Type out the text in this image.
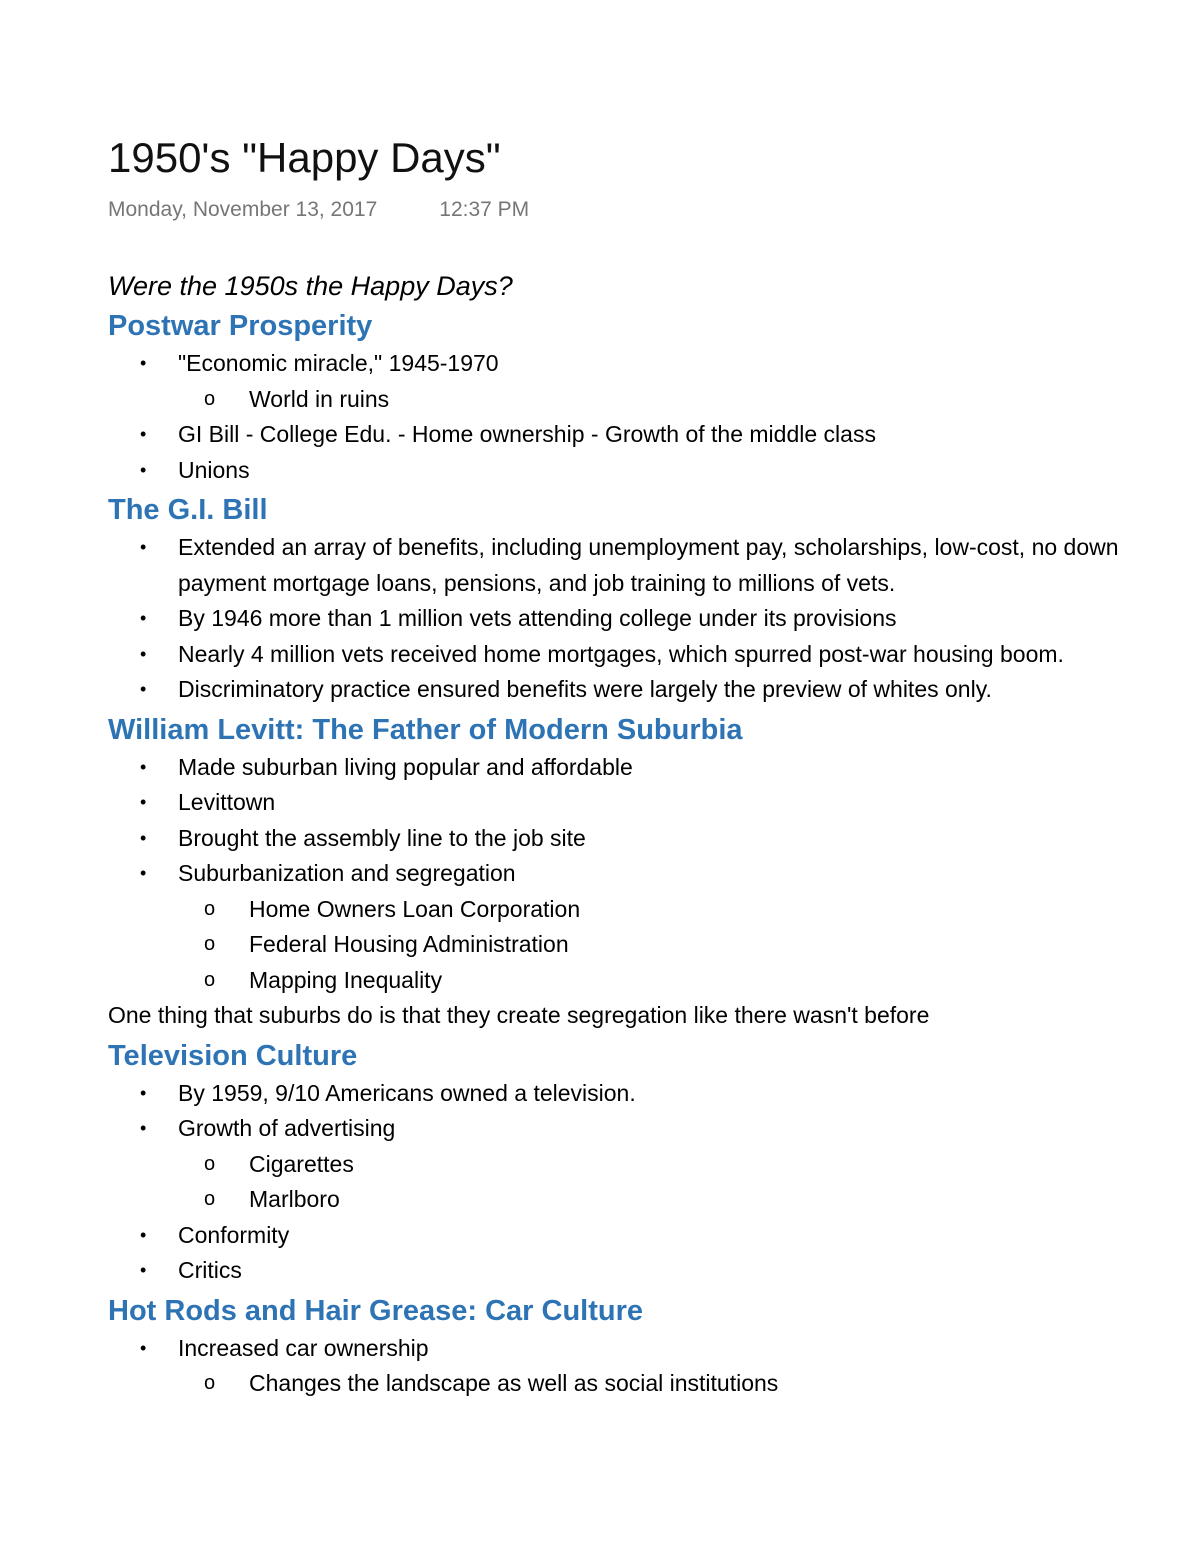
1950's "Happy Days"
Monday, November 13, 2017	12:37 PM
Were the 1950s the Happy Days?
Postwar Prosperity
• "Economic miracle," 1945-1970
o World in ruins
• GI Bill - College Edu. - Home ownership - Growth of the middle class
• Unions
The G.I. Bill
• Extended an array of benefits, including unemployment pay, scholarships, low-cost, no down payment mortgage loans, pensions, and job training to millions of vets.
• By 1946 more than 1 million vets attending college under its provisions
• Nearly 4 million vets received home mortgages, which spurred post-war housing boom.
• Discriminatory practice ensured benefits were largely the preview of whites only.
William Levitt: The Father of Modern Suburbia
• Made suburban living popular and affordable
• Levittown
• Brought the assembly line to the job site
• Suburbanization and segregation
o Home Owners Loan Corporation
o Federal Housing Administration
o Mapping Inequality
One thing that suburbs do is that they create segregation like there wasn't before
Television Culture
• By 1959, 9/10 Americans owned a television.
• Growth of advertising
o Cigarettes
o Marlboro
• Conformity
• Critics
Hot Rods and Hair Grease: Car Culture
• Increased car ownership
o Changes the landscape as well as social institutions
